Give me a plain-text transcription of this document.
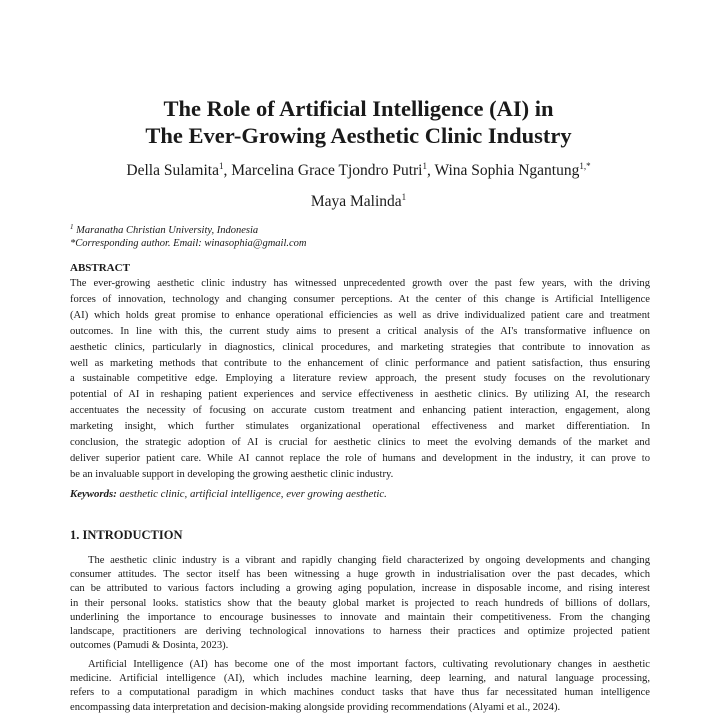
The Role of Artificial Intelligence (AI) in
The Ever-Growing Aesthetic Clinic Industry
Della Sulamita$^1$, Marcelina Grace Tjondro Putri$^1$, Wina Sophia Ngantung$^{1,*}$
Maya Malinda$^1$
$^1$ Maranatha Christian University, Indonesia
*Corresponding author. Email: winasophia@gmail.com
ABSTRACT
The ever-growing aesthetic clinic industry has witnessed unprecedented growth over the past few years, with the driving
forces of innovation, technology and changing consumer perceptions. At the center of this change is Artificial Intelligence
(AI) which holds great promise to enhance operational efficiencies as well as drive individualized patient care and treatment
outcomes. In line with this, the current study aims to present a critical analysis of the AI's transformative influence on
aesthetic clinics, particularly in diagnostics, clinical procedures, and marketing strategies that contribute to innovation as
well as marketing methods that contribute to the enhancement of clinic performance and patient satisfaction, thus ensuring
a sustainable competitive edge. Employing a literature review approach, the present study focuses on the revolutionary
potential of AI in reshaping patient experiences and service effectiveness in aesthetic clinics. By utilizing AI, the research
accentuates the necessity of focusing on accurate custom treatment and enhancing patient interaction, engagement, along
marketing insight, which further stimulates organizational operational effectiveness and market differentiation. In
conclusion, the strategic adoption of AI is crucial for aesthetic clinics to meet the evolving demands of the market and
deliver superior patient care. While AI cannot replace the role of humans and development in the industry, it can prove to
be an invaluable support in developing the growing aesthetic clinic industry.
Keywords: aesthetic clinic, artificial intelligence, ever growing aesthetic.
1. INTRODUCTION
The aesthetic clinic industry is a vibrant and rapidly changing field characterized by ongoing developments and changing
consumer attitudes. The sector itself has been witnessing a huge growth in industrialisation over the past decades, which
can be attributed to various factors including a growing aging population, increase in disposable income, and rising interest
in their personal looks. statistics show that the beauty global market is projected to reach hundreds of billions of dollars,
underlining the importance to encourage businesses to innovate and maintain their competitiveness. From the changing
landscape, practitioners are deriving technological innovations to harness their practices and optimize projected patient
outcomes (Pamudi & Dosinta, 2023).
Artificial Intelligence (AI) has become one of the most important factors, cultivating revolutionary changes in aesthetic
medicine. Artificial intelligence (AI), which includes machine learning, deep learning, and natural language processing,
refers to a computational paradigm in which machines conduct tasks that have thus far necessitated human intelligence
encompassing data interpretation and decision-making alongside providing recommendations (Alyami et al., 2024).
